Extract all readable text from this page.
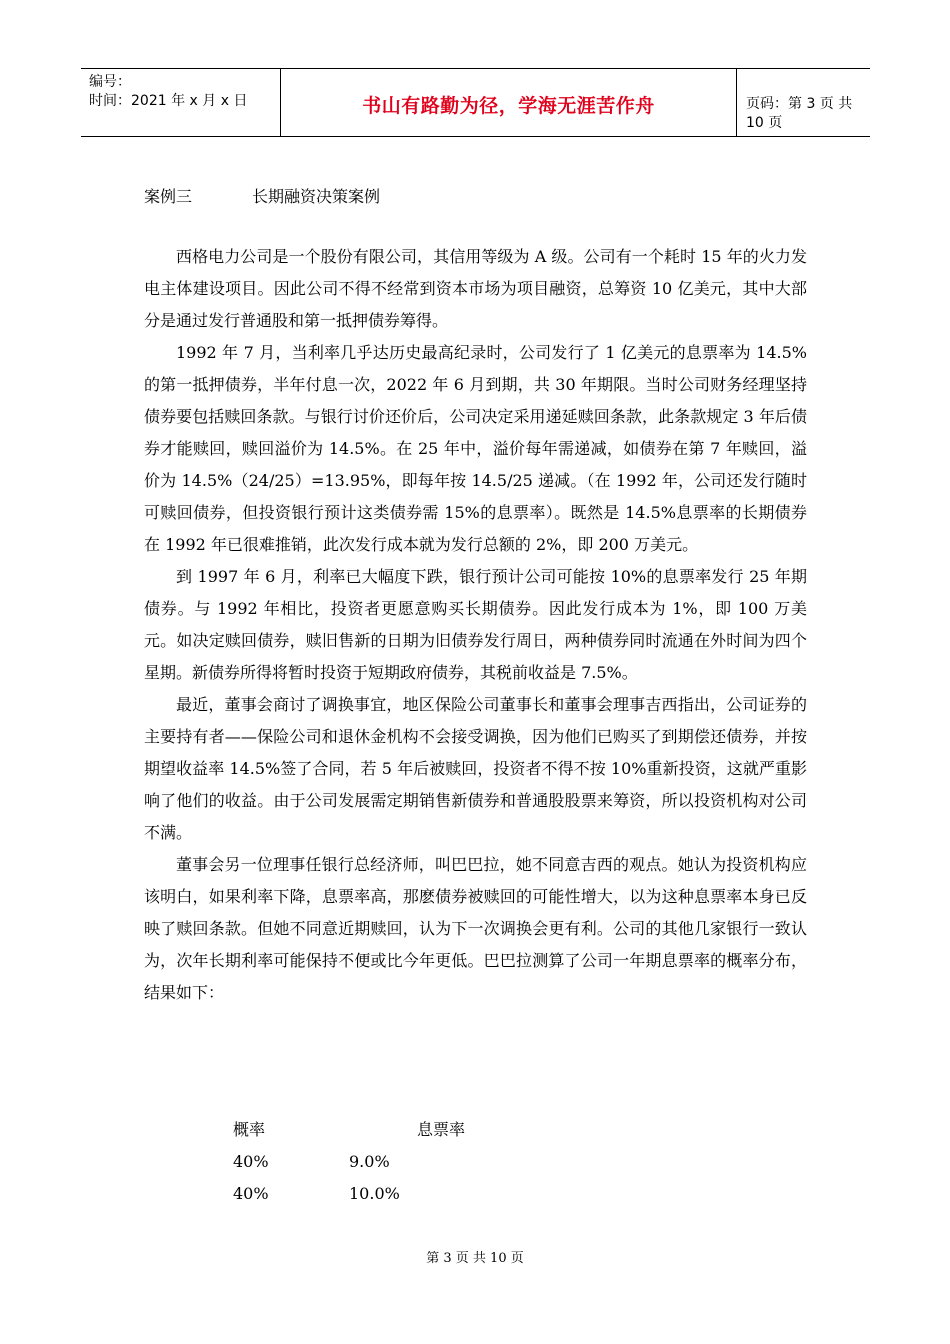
编号：
时间：2021 年 x 月 x 日	书山有路勤为径，学海无涯苦作舟	页码：第 3 页 共 10 页
案例三	长期融资决策案例

西格电力公司是一个股份有限公司，其信用等级为 A 级。公司有一个耗时 15 年的火力发电主体建设项目。因此公司不得不经常到资本市场为项目融资，总筹资 10 亿美元，其中大部分是通过发行普通股和第一抵押债券筹得。

1992 年 7 月，当利率几乎达历史最高纪录时，公司发行了 1 亿美元的息票率为 14.5%的第一抵押债券，半年付息一次，2022 年 6 月到期，共 30 年期限。当时公司财务经理坚持债券要包括赎回条款。与银行讨价还价后，公司决定采用递延赎回条款，此条款规定 3 年后债券才能赎回，赎回溢价为 14.5%。在 25 年中，溢价每年需递减，如债券在第 7 年赎回，溢价为 14.5%（24/25）=13.95%，即每年按 14.5/25 递减。（在 1992 年，公司还发行随时可赎回债券，但投资银行预计这类债券需 15%的息票率）。既然是 14.5%息票率的长期债券在 1992 年已很难推销，此次发行成本就为发行总额的 2%，即 200 万美元。

到 1997 年 6 月，利率已大幅度下跌，银行预计公司可能按 10%的息票率发行 25 年期债券。与 1992 年相比，投资者更愿意购买长期债券。因此发行成本为 1%，即 100 万美元。如决定赎回债券，赎旧售新的日期为旧债券发行周日，两种债券同时流通在外时间为四个星期。新债券所得将暂时投资于短期政府债券，其税前收益是 7.5%。

最近，董事会商讨了调换事宜，地区保险公司董事长和董事会理事吉西指出，公司证券的主要持有者——保险公司和退休金机构不会接受调换，因为他们已购买了到期偿还债券，并按期望收益率 14.5%签了合同，若 5 年后被赎回，投资者不得不按 10%重新投资，这就严重影响了他们的收益。由于公司发展需定期销售新债券和普通股股票来筹资，所以投资机构对公司不满。

董事会另一位理事任银行总经济师，叫巴巴拉，她不同意吉西的观点。她认为投资机构应该明白，如果利率下降，息票率高，那麽债券被赎回的可能性增大，以为这种息票率本身已反映了赎回条款。但她不同意近期赎回，认为下一次调换会更有利。公司的其他几家银行一致认为，次年长期利率可能保持不便或比今年更低。巴巴拉测算了公司一年期息票率的概率分布，结果如下：

概率	息票率
40%	9.0%
40%	10.0%
第 3 页 共 10 页
